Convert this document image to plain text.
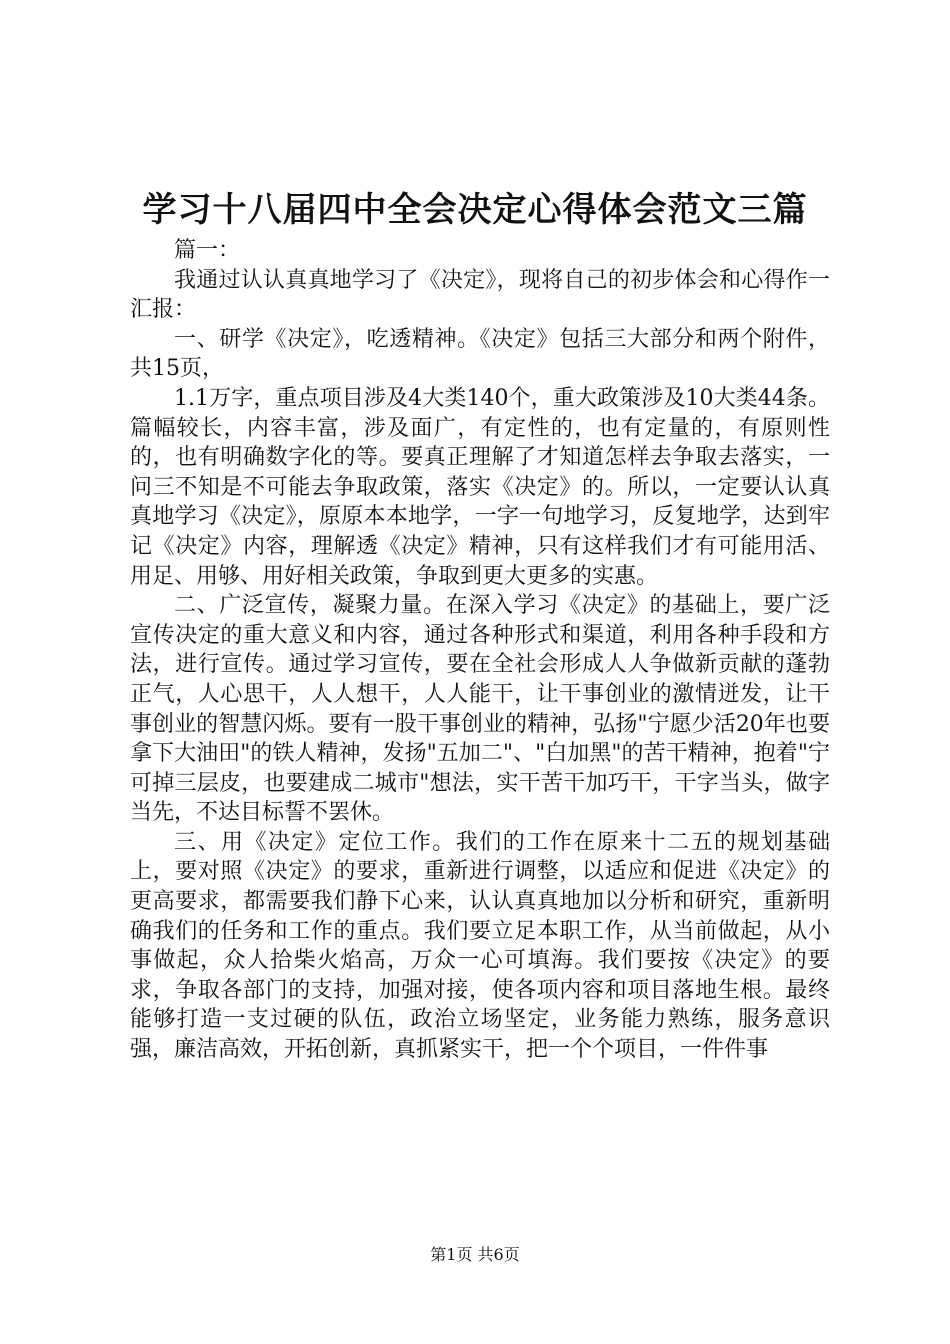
学习十八届四中全会决定心得体会范文三篇

篇一：

我通过认认真真地学习了《决定》，现将自己的初步体会和心得作一汇报：

一、研学《决定》，吃透精神。《决定》包括三大部分和两个附件，共15页，

1.1万字，重点项目涉及4大类140个，重大政策涉及10大类44条。篇幅较长，内容丰富，涉及面广，有定性的，也有定量的，有原则性的，也有明确数字化的等。要真正理解了才知道怎样去争取去落实，一问三不知是不可能去争取政策，落实《决定》的。所以，一定要认认真真地学习《决定》，原原本本地学，一字一句地学习，反复地学，达到牢记《决定》内容，理解透《决定》精神，只有这样我们才有可能用活、用足、用够、用好相关政策，争取到更大更多的实惠。

二、广泛宣传，凝聚力量。在深入学习《决定》的基础上，要广泛宣传决定的重大意义和内容，通过各种形式和渠道，利用各种手段和方法，进行宣传。通过学习宣传，要在全社会形成人人争做新贡献的蓬勃正气，人心思干，人人想干，人人能干，让干事创业的激情迸发，让干事创业的智慧闪烁。要有一股干事创业的精神，弘扬"宁愿少活20年也要拿下大油田"的铁人精神，发扬"五加二"、"白加黑"的苦干精神，抱着"宁可掉三层皮，也要建成二城市"想法，实干苦干加巧干，干字当头，做字当先，不达目标誓不罢休。

三、用《决定》定位工作。我们的工作在原来十二五的规划基础上，要对照《决定》的要求，重新进行调整，以适应和促进《决定》的更高要求，都需要我们静下心来，认认真真地加以分析和研究，重新明确我们的任务和工作的重点。我们要立足本职工作，从当前做起，从小事做起，众人拾柴火焰高，万众一心可填海。我们要按《决定》的要求，争取各部门的支持，加强对接，使各项内容和项目落地生根。最终能够打造一支过硬的队伍，政治立场坚定，业务能力熟练，服务意识强，廉洁高效，开拓创新，真抓紧实干，把一个个项目，一件件事

第1页 共6页
